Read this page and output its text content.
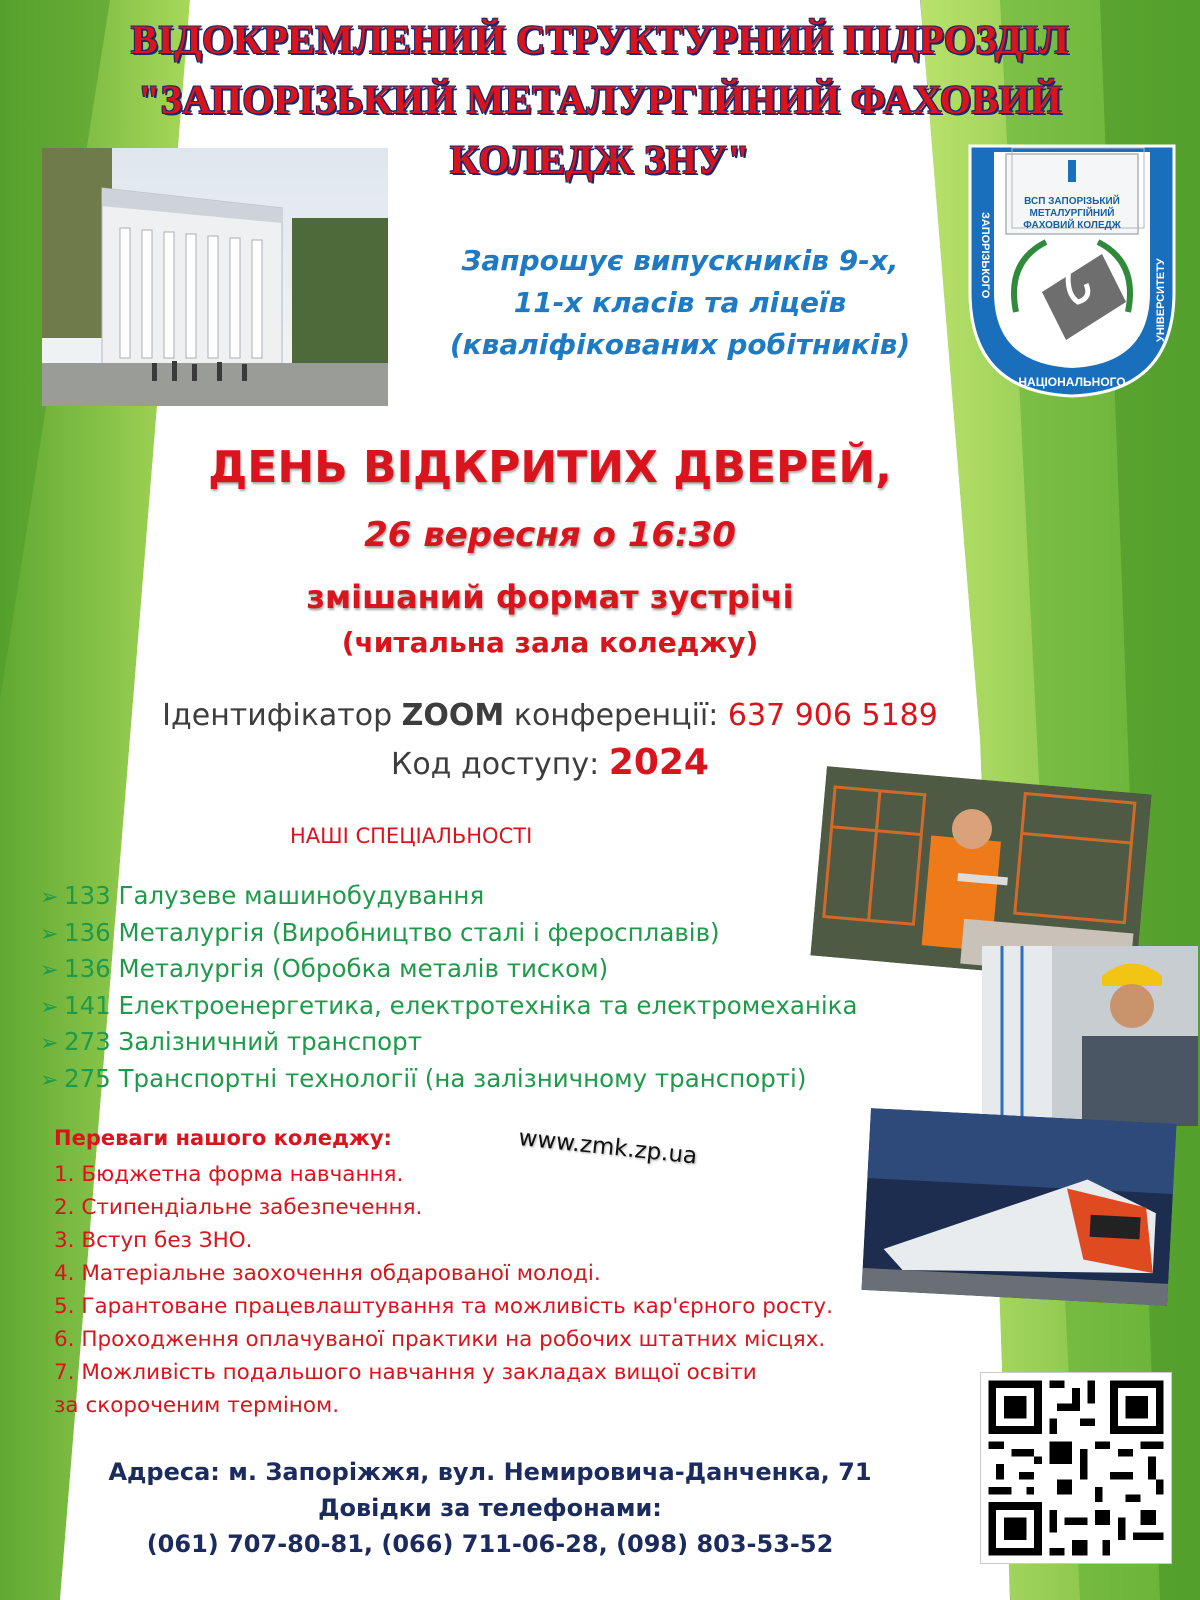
ВІДОКРЕМЛЕНИЙ СТРУКТУРНИЙ ПІДРОЗДІЛ
"ЗАПОРІЗЬКИЙ МЕТАЛУРГІЙНИЙ ФАХОВИЙ
КОЛЕДЖ ЗНУ"
ВСП ЗАПОРІЗЬКИЙ
МЕТАЛУРГІЙНИЙ
ФАХОВИЙ КОЛЕДЖ
ЗАПОРІЗЬКОГО
НАЦІОНАЛЬНОГО
УНІВЕРСИТЕТУ
Запрошує випускників 9-х,
11-х класів та ліцеїв
(кваліфікованих робітників)
ДЕНЬ ВІДКРИТИХ ДВЕРЕЙ,
26 вересня о 16:30
змішаний формат зустрічі
(читальна зала коледжу)
Ідентифікатор ZOOM конференції: 637 906 5189
Код доступу: 2024
НАШІ СПЕЦІАЛЬНОСТІ
➢ 133 Галузеве машинобудування
➢ 136 Металургія (Виробництво сталі і феросплавів)
➢ 136 Металургія (Обробка металів тиском)
➢ 141 Електроенергетика, електротехніка та електромеханіка
➢ 273 Залізничний транспорт
➢ 275 Транспортні технології (на залізничному транспорті)
www.zmk.zp.ua
Переваги нашого коледжу:
1. Бюджетна форма навчання.
2. Стипендіальне забезпечення.
3. Вступ без ЗНО.
4. Матеріальне заохочення обдарованої молоді.
5. Гарантоване працевлаштування та можливість кар'єрного росту.
6. Проходження оплачуваної практики на робочих штатних місцях.
7. Можливість подальшого навчання у закладах вищої освіти
за скороченим терміном.
Адреса: м. Запоріжжя, вул. Немировича-Данченка, 71
Довідки за телефонами:
(061) 707-80-81, (066) 711-06-28, (098) 803-53-52
